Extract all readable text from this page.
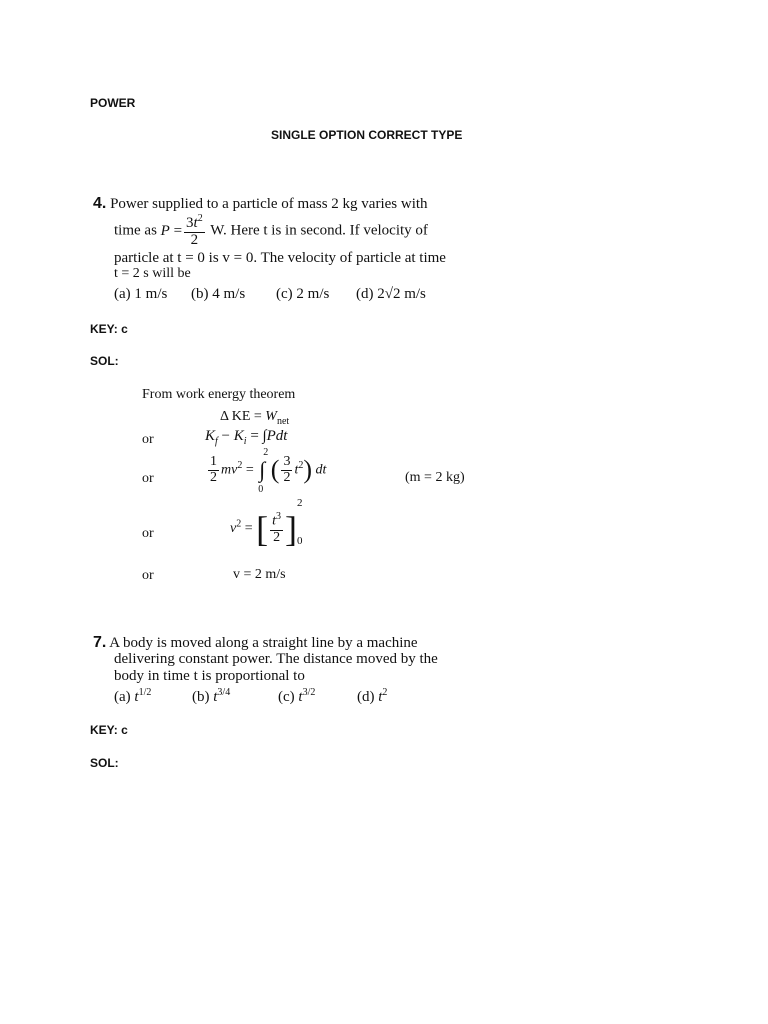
POWER
SINGLE OPTION CORRECT TYPE
4. Power supplied to a particle of mass 2 kg varies with
time as $P = \frac{3t^2}{2} W$. Here t is in second. If velocity of
particle at t = 0 is v = 0. The velocity of particle at time
t = 2 s will be
(a) 1 m/s (b) 4 m/s (c) 2 m/s (d) 2√2 m/s
KEY: c
SOL:
From work energy theorem
Δ KE = $W_{net}$
or	$K_f - K_i = \int Pdt$
or	$\frac{1}{2} mv^2$ = ∫
2
0
( $\frac{3}{2} t^2$) dt
(m = 2 kg)
or	$v^2$ = [ $\frac{t^3}{2}$ ]
2
0
or	v = 2 m/s
7. A body is moved along a straight line by a machine
delivering constant power. The distance moved by the
body in time t is proportional to
(a) $t^{1/2}$	(b) $t^{3/4}$	(c) $t^{3/2}$	(d) $t^2$
KEY: c
SOL:
